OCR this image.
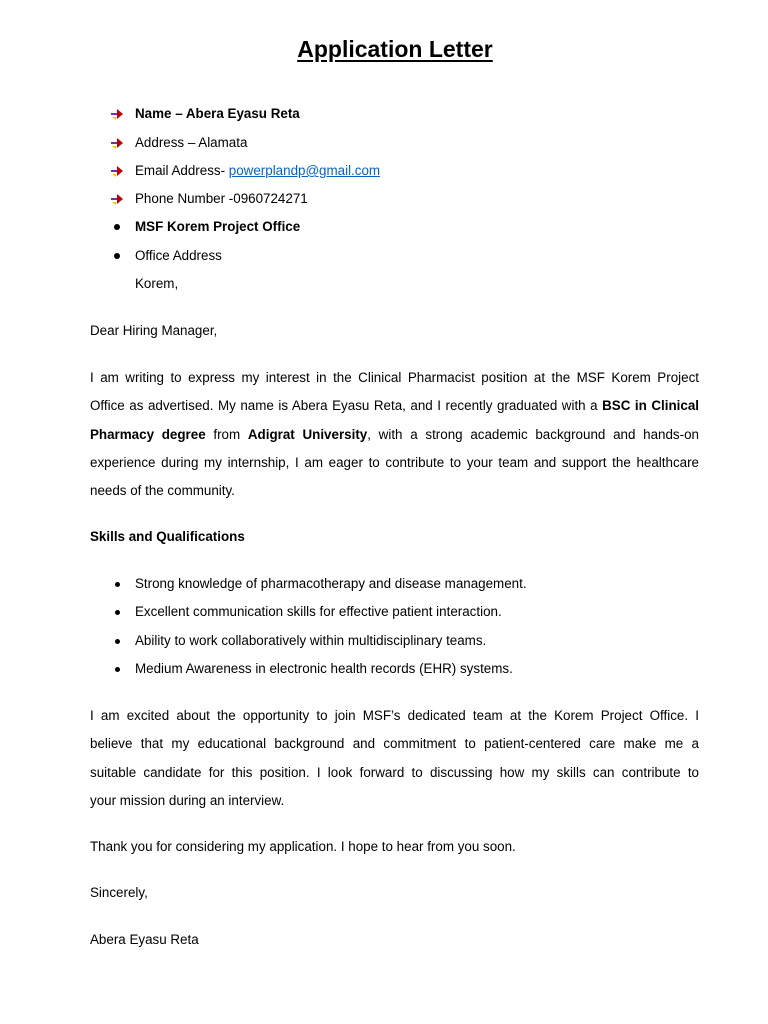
Application Letter
Name – Abera Eyasu Reta
Address – Alamata
Email Address- powerplandp@gmail.com
Phone Number -0960724271
MSF Korem Project Office
Office Address
Korem,
Dear Hiring Manager,
I am writing to express my interest in the Clinical Pharmacist position at the MSF Korem Project
Office as advertised. My name is Abera Eyasu Reta, and I recently graduated with a BSC in Clinical
Pharmacy degree from Adigrat University, with a strong academic background and hands-on
experience during my internship, I am eager to contribute to your team and support the healthcare
needs of the community.
Skills and Qualifications
Strong knowledge of pharmacotherapy and disease management.
Excellent communication skills for effective patient interaction.
Ability to work collaboratively within multidisciplinary teams.
Medium Awareness in electronic health records (EHR) systems.
I am excited about the opportunity to join MSF’s dedicated team at the Korem Project Office. I
believe that my educational background and commitment to patient-centered care make me a
suitable candidate for this position. I look forward to discussing how my skills can contribute to
your mission during an interview.
Thank you for considering my application. I hope to hear from you soon.
Sincerely,
Abera Eyasu Reta
